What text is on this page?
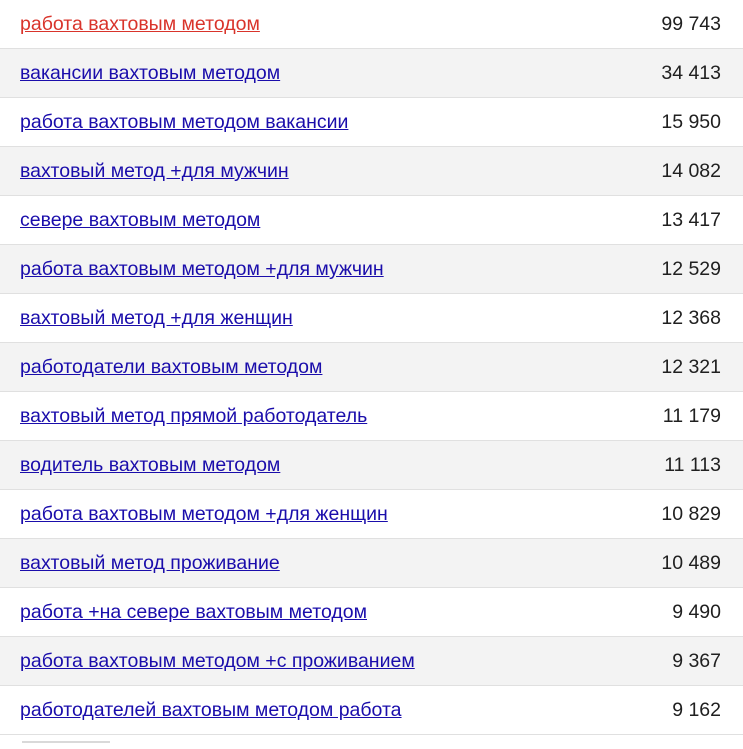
работа вахтовым методом	99 743
вакансии вахтовым методом	34 413
работа вахтовым методом вакансии	15 950
вахтовый метод +для мужчин	14 082
севере вахтовым методом	13 417
работа вахтовым методом +для мужчин	12 529
вахтовый метод +для женщин	12 368
работодатели вахтовым методом	12 321
вахтовый метод прямой работодатель	11 179
водитель вахтовым методом	11 113
работа вахтовым методом +для женщин	10 829
вахтовый метод проживание	10 489
работа +на севере вахтовым методом	9 490
работа вахтовым методом +с проживанием	9 367
работодателей вахтовым методом работа	9 162
